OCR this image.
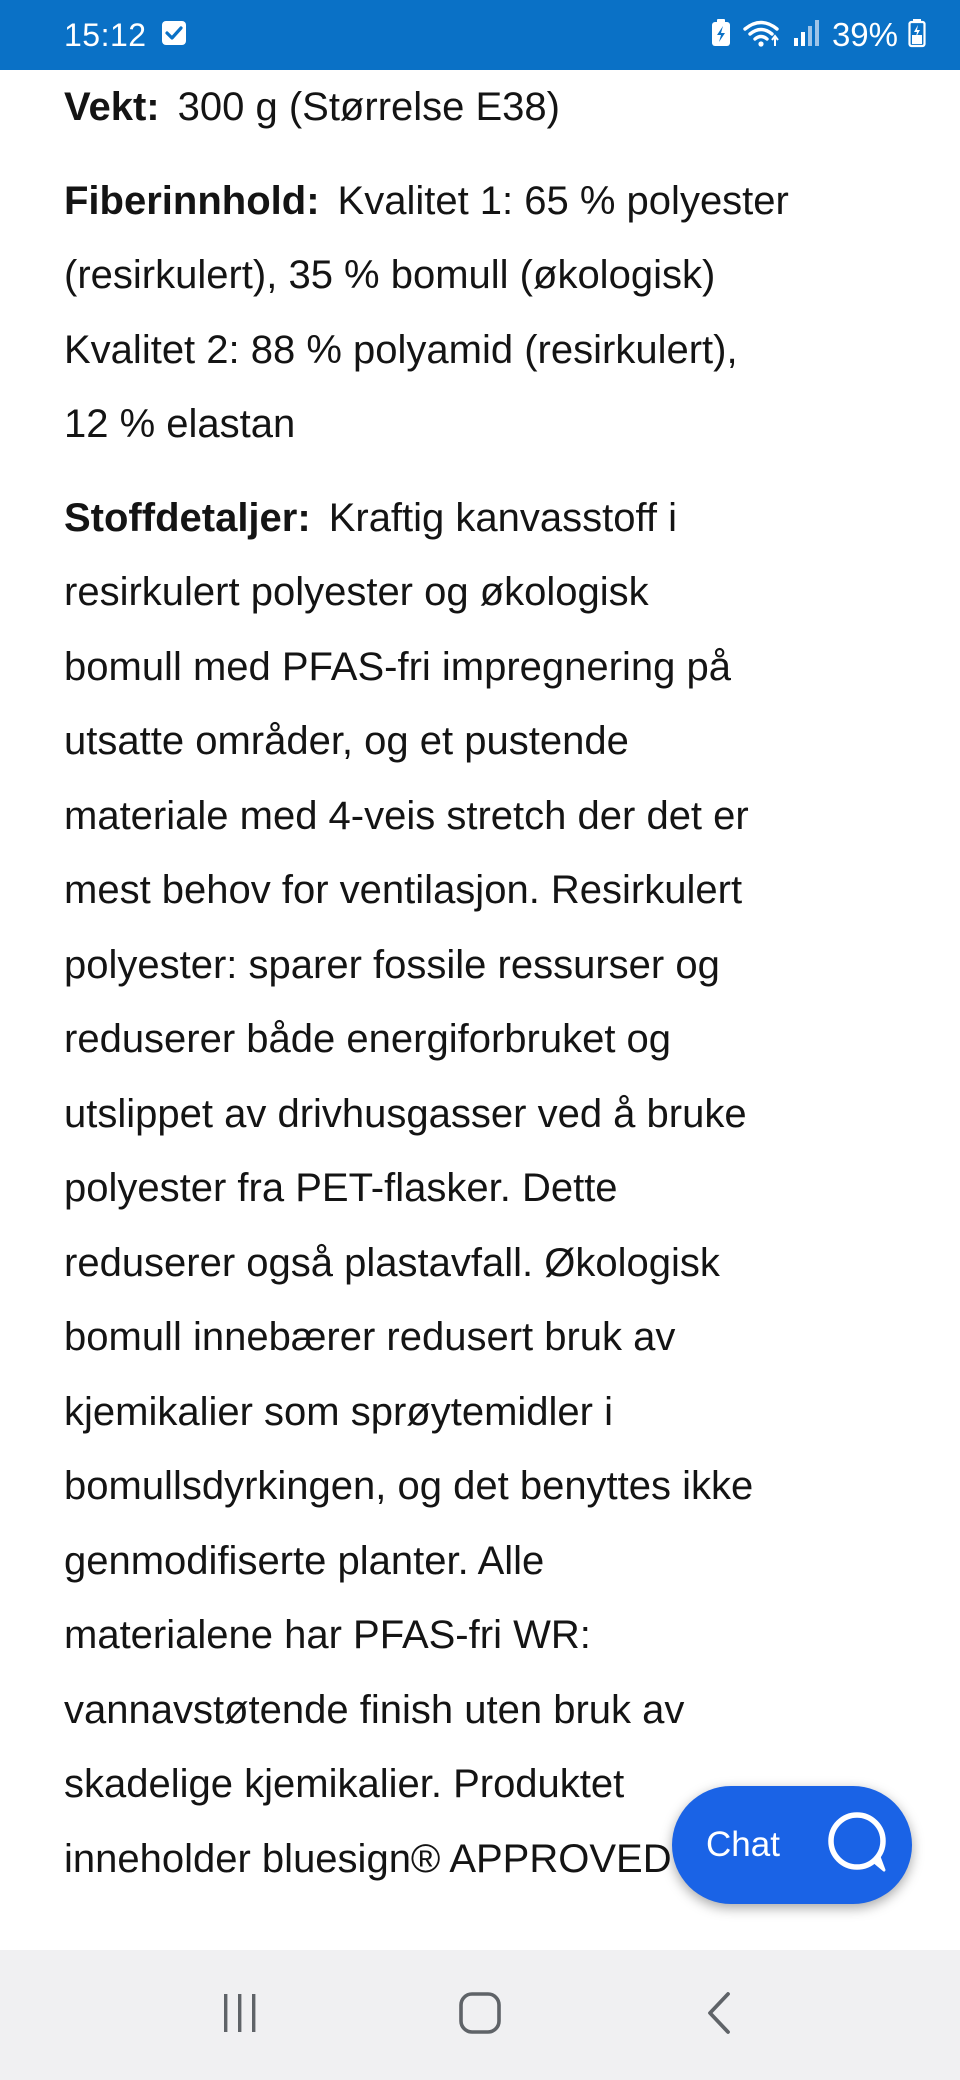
15:12	39%
Vekt: 300 g (Størrelse E38)
Fiberinnhold: Kvalitet 1: 65 % polyester
(resirkulert), 35 % bomull (økologisk)
Kvalitet 2: 88 % polyamid (resirkulert),
12 % elastan
Stoffdetaljer: Kraftig kanvasstoff i
resirkulert polyester og økologisk
bomull med PFAS-fri impregnering på
utsatte områder, og et pustende
materiale med 4-veis stretch der det er
mest behov for ventilasjon. Resirkulert
polyester: sparer fossile ressurser og
reduserer både energiforbruket og
utslippet av drivhusgasser ved å bruke
polyester fra PET-flasker. Dette
reduserer også plastavfall. Økologisk
bomull innebærer redusert bruk av
kjemikalier som sprøytemidler i
bomullsdyrkingen, og det benyttes ikke
genmodifiserte planter. Alle
materialene har PFAS-fri WR:
vannavstøtende finish uten bruk av
skadelige kjemikalier. Produktet
inneholder bluesign® APPROVED Chat
